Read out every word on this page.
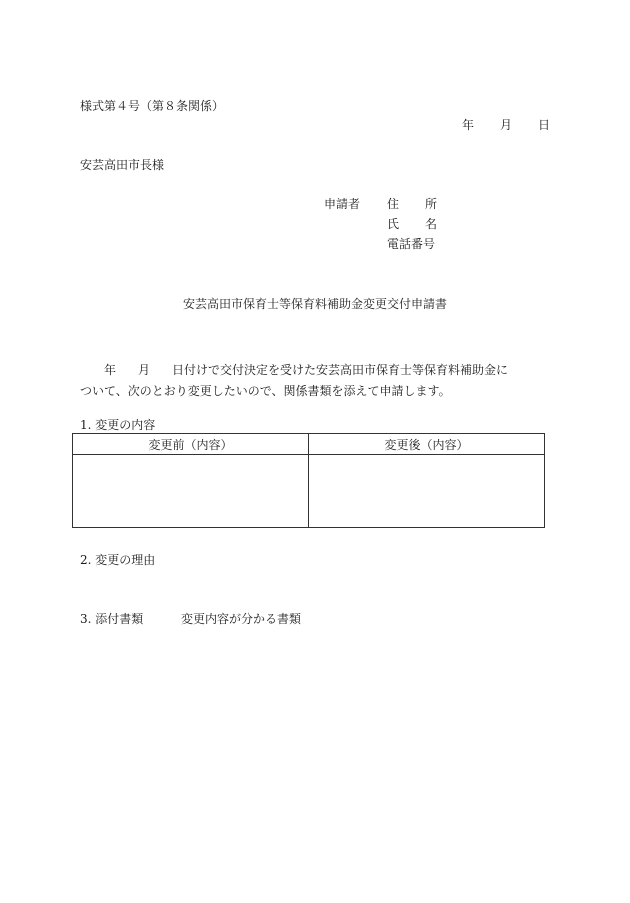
様式第４号（第８条関係）
年 月 日
安芸高田市長様
申請者 住所
氏名
電話番号
安芸高田市保育士等保育料補助金変更交付申請書
年 月 日付けで交付決定を受けた安芸高田市保育士等保育料補助金に
ついて、次のとおり変更したいので、関係書類を添えて申請します。
1. 変更の内容
変更前（内容）	変更後（内容）

2. 変更の理由
3. 添付書類	変更内容が分かる書類
